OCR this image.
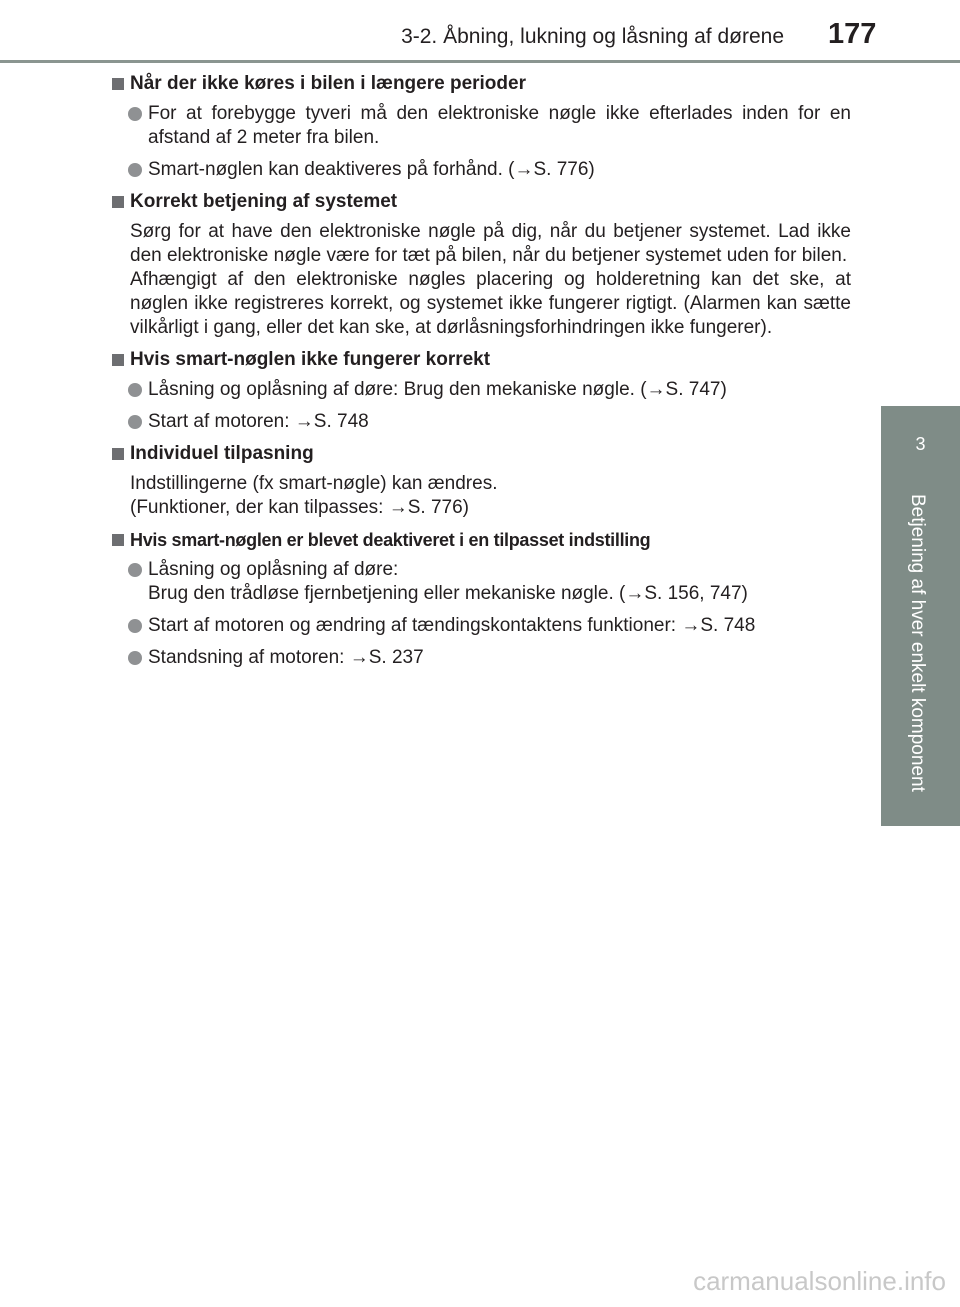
3-2. Åbning, lukning og låsning af dørene 177
3
Betjening af hver enkelt komponent
Når der ikke køres i bilen i længere perioder
For at forebygge tyveri må den elektroniske nøgle ikke efterlades inden for en afstand af 2 meter fra bilen.
Smart-nøglen kan deaktiveres på forhånd. (→S. 776)
Korrekt betjening af systemet
Sørg for at have den elektroniske nøgle på dig, når du betjener systemet. Lad ikke den elektroniske nøgle være for tæt på bilen, når du betjener systemet uden for bilen.
Afhængigt af den elektroniske nøgles placering og holderetning kan det ske, at nøglen ikke registreres korrekt, og systemet ikke fungerer rigtigt. (Alarmen kan sætte vilkårligt i gang, eller det kan ske, at dørlåsningsforhindringen ikke fungerer).
Hvis smart-nøglen ikke fungerer korrekt
Låsning og oplåsning af døre: Brug den mekaniske nøgle. (→S. 747)
Start af motoren: →S. 748
Individuel tilpasning
Indstillingerne (fx smart-nøgle) kan ændres.
(Funktioner, der kan tilpasses: →S. 776)
Hvis smart-nøglen er blevet deaktiveret i en tilpasset indstilling
Låsning og oplåsning af døre:
Brug den trådløse fjernbetjening eller mekaniske nøgle. (→S. 156, 747)
Start af motoren og ændring af tændingskontaktens funktioner: →S. 748
Standsning af motoren: →S. 237
carmanualsonline.info
